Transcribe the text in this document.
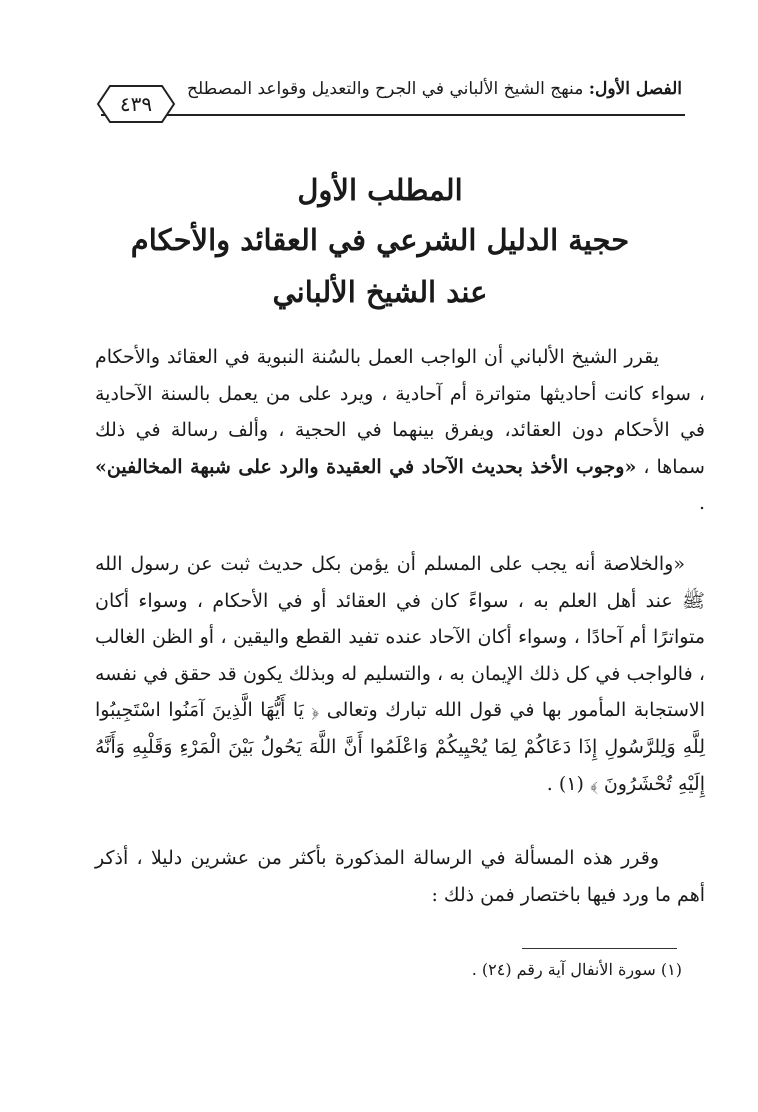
الفصل الأول: منهج الشيخ الألباني في الجرح والتعديل وقواعد المصطلح
٤٣٩
المطلب الأول
حجية الدليل الشرعي في العقائد والأحكام
عند الشيخ الألباني
يقرر الشيخ الألباني أن الواجب العمل بالسُنة النبوية في العقائد والأحكام ، سواء كانت أحاديثها متواترة أم آحادية ، ويرد على من يعمل بالسنة الآحادية في الأحكام دون العقائد، ويفرق بينهما في الحجية ، وألف رسالة في ذلك سماها ، «وجوب الأخذ بحديث الآحاد في العقيدة والرد على شبهة المخالفين» .
«والخلاصة أنه يجب على المسلم أن يؤمن بكل حديث ثبت عن رسول الله ﷺ عند أهل العلم به ، سواءً كان في العقائد أو في الأحكام ، وسواء أكان متواترًا أم آحادًا ، وسواء أكان الآحاد عنده تفيد القطع واليقين ، أو الظن الغالب ، فالواجب في كل ذلك الإيمان به ، والتسليم له وبذلك يكون قد حقق في نفسه الاستجابة المأمور بها في قول الله تبارك وتعالى ﴿ يَا أَيُّهَا الَّذِينَ آمَنُوا اسْتَجِيبُوا لِلَّهِ وَلِلرَّسُولِ إِذَا دَعَاكُمْ لِمَا يُحْيِيكُمْ وَاعْلَمُوا أَنَّ اللَّهَ يَحُولُ بَيْنَ الْمَرْءِ وَقَلْبِهِ وَأَنَّهُ إِلَيْهِ تُحْشَرُونَ ﴾ (١) .
وقرر هذه المسألة في الرسالة المذكورة بأكثر من عشرين دليلا ، أذكر أهم ما ورد فيها باختصار فمن ذلك :
(١) سورة الأنفال آية رقم (٢٤) .
